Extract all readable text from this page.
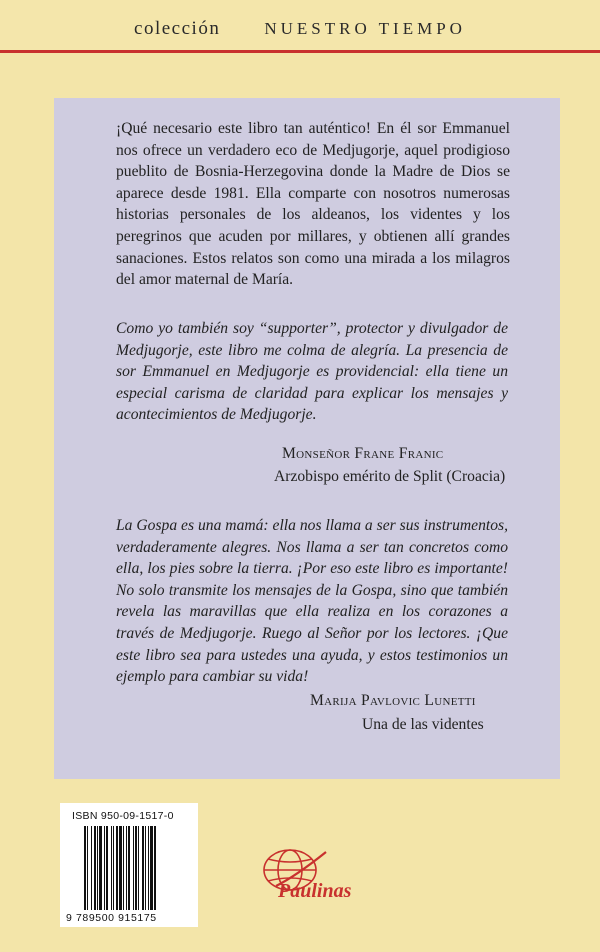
colección	NUESTRO TIEMPO

¡Qué necesario este libro tan auténtico! En él sor Emmanuel nos ofrece un verdadero eco de Medjugorje, aquel prodigioso pueblito de Bosnia-Herzegovina donde la Madre de Dios se aparece desde 1981. Ella comparte con nosotros numerosas historias personales de los aldeanos, los videntes y los peregrinos que acuden por millares, y obtienen allí grandes sanaciones. Estos relatos son como una mirada a los milagros del amor maternal de María.

Como yo también soy “supporter”, protector y divulgador de Medjugorje, este libro me colma de alegría. La presencia de sor Emmanuel en Medjugorje es providencial: ella tiene un especial carisma de claridad para explicar los mensajes y acontecimientos de Medjugorje.

Monseñor Frane Franic
Arzobispo emérito de Split (Croacia)

La Gospa es una mamá: ella nos llama a ser sus instrumentos, verdaderamente alegres. Nos llama a ser tan concretos como ella, los pies sobre la tierra. ¡Por eso este libro es importante! No solo transmite los mensajes de la Gospa, sino que también revela las maravillas que ella realiza en los corazones a través de Medjugorje. Ruego al Señor por los lectores. ¡Que este libro sea para ustedes una ayuda, y estos testimonios un ejemplo para cambiar su vida!

Marija Pavlovic Lunetti
Una de las videntes
ISBN 950-09-1517-0
9 789500 915175
Paulinas
